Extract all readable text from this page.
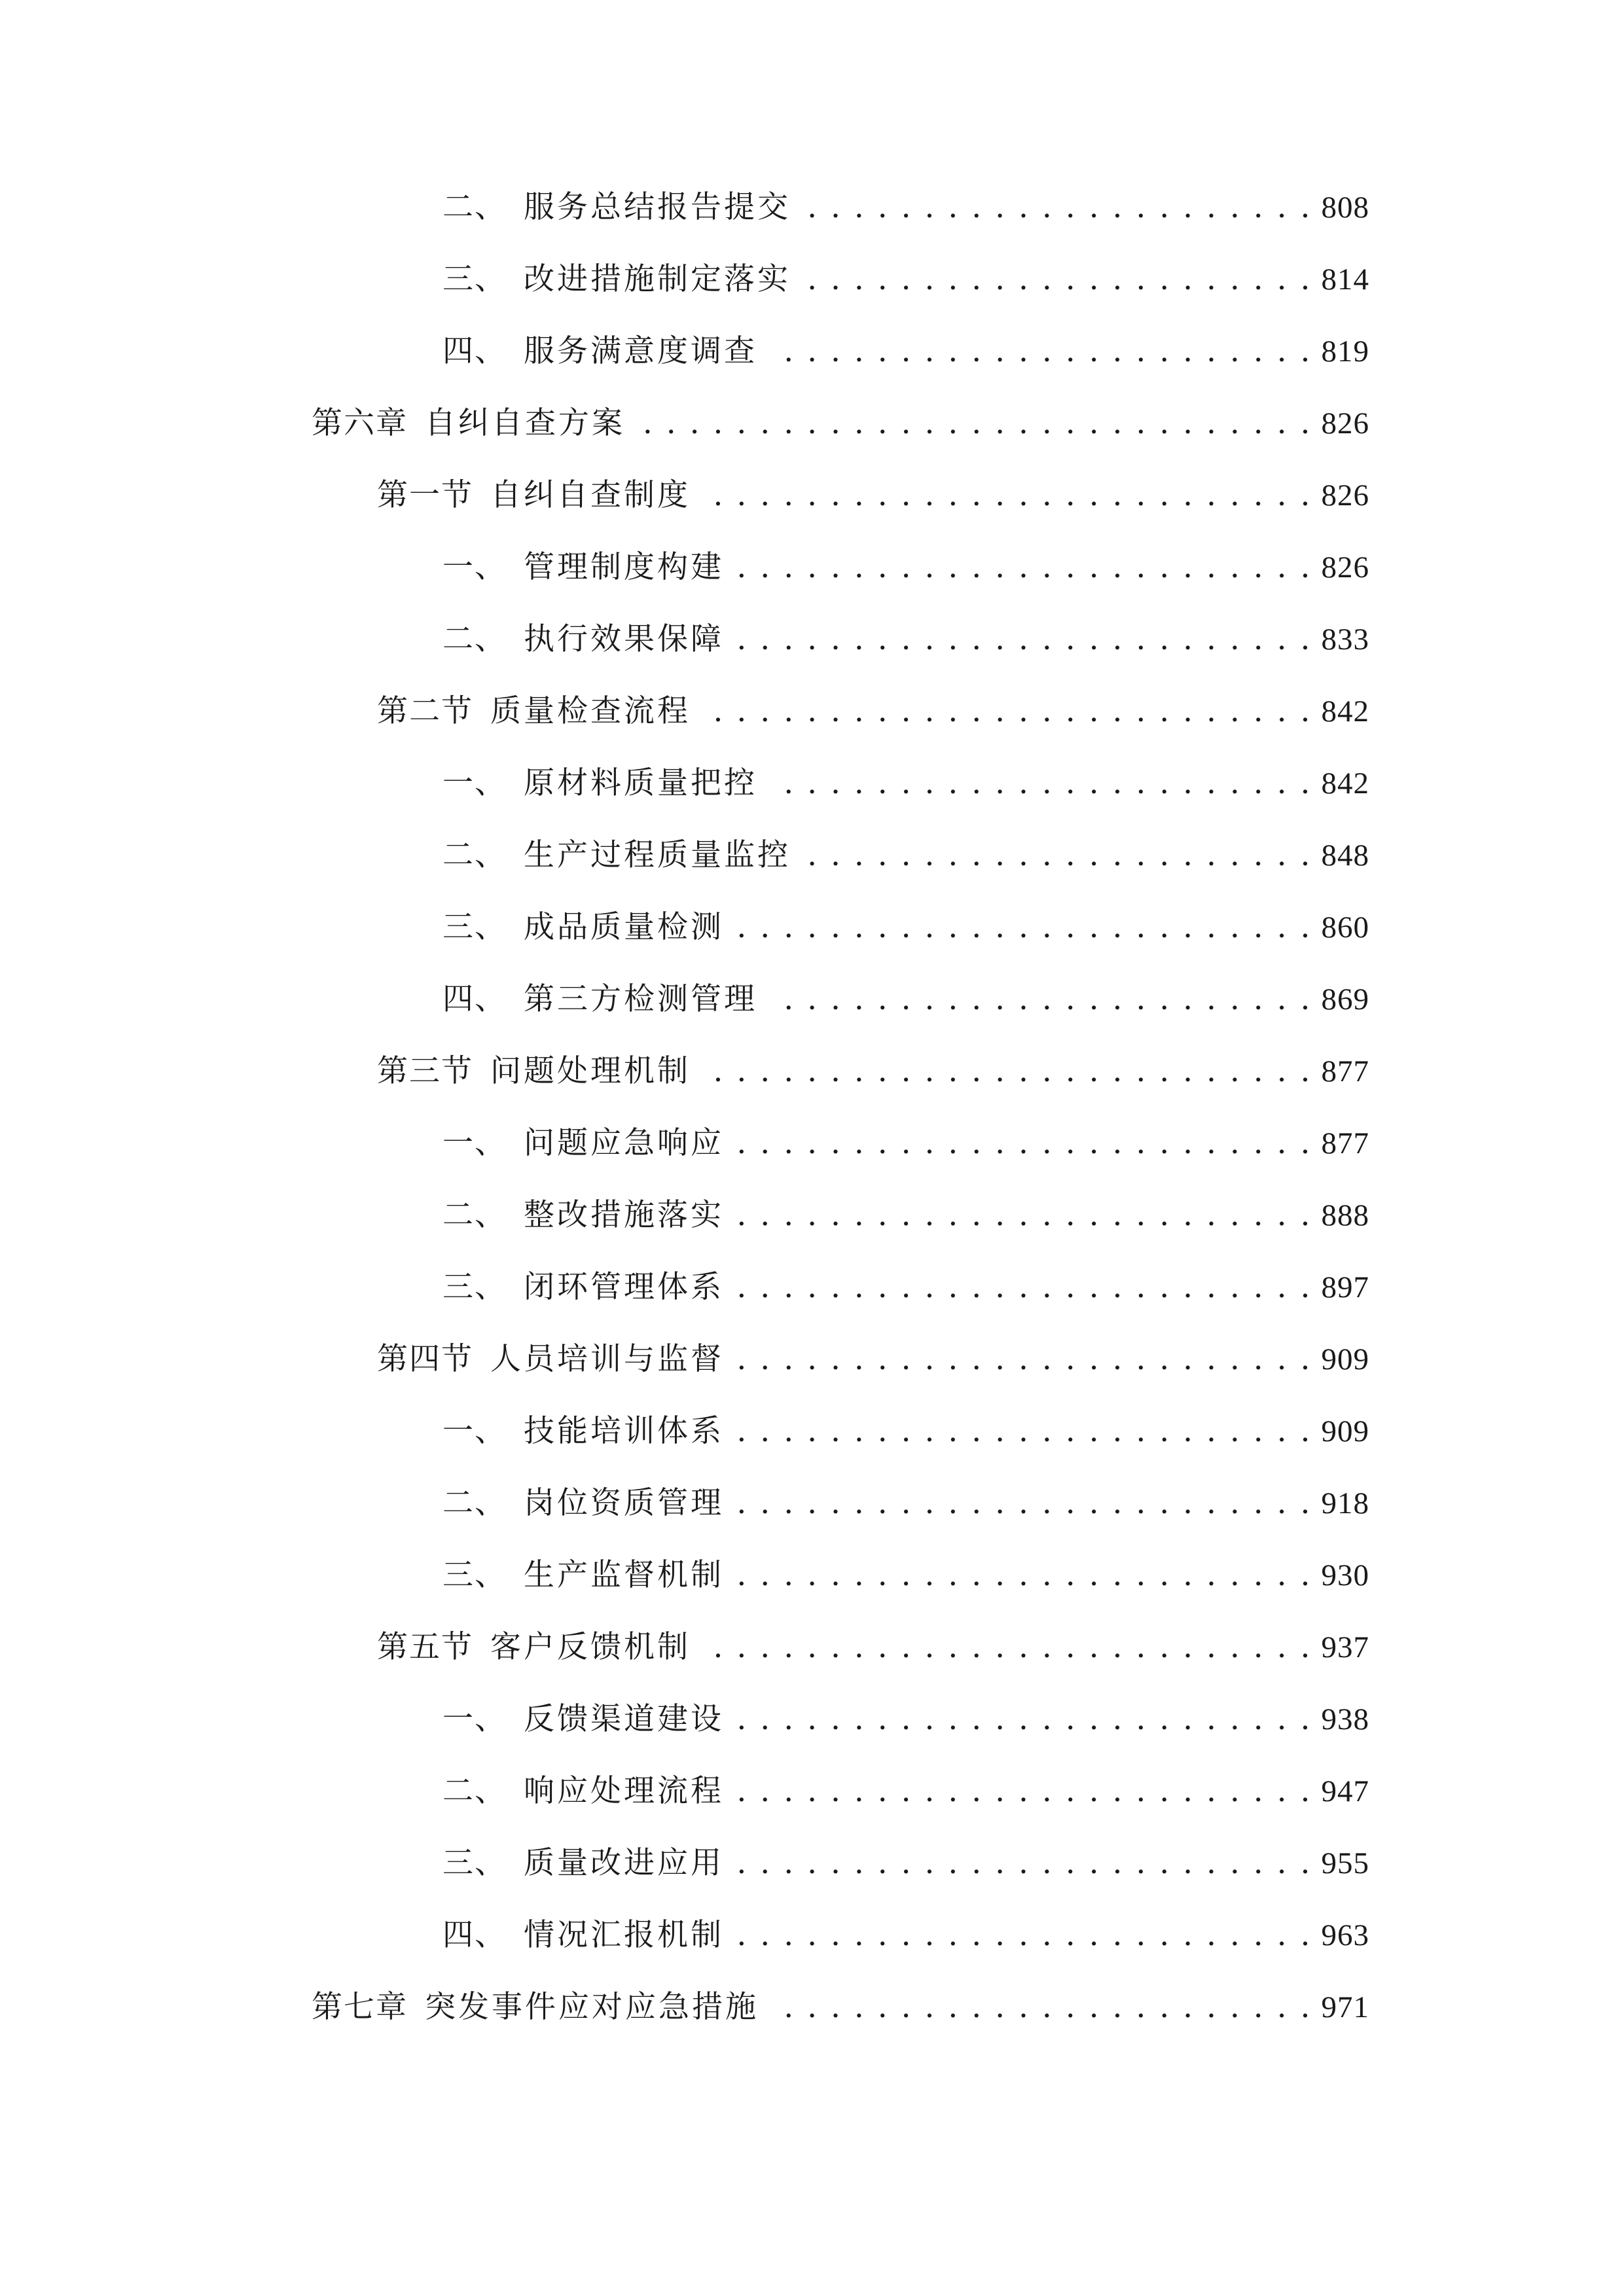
二、 服务总结报告提交 . . .	808
三、 改进措施制定落实 . . .	814
四、 服务满意度调查 . . .	819
第六章 自纠自查方案 . . .	826
第一节 自纠自查制度 . . .	826
一、 管理制度构建 . . .	826
二、 执行效果保障 . . .	833
第二节 质量检查流程 . . .	842
一、 原材料质量把控 . . .	842
二、 生产过程质量监控 . . .	848
三、 成品质量检测 . . .	860
四、 第三方检测管理 . . .	869
第三节 问题处理机制 . . .	877
一、 问题应急响应 . . .	877
二、 整改措施落实 . . .	888
三、 闭环管理体系 . . .	897
第四节 人员培训与监督 . . .	909
一、 技能培训体系 . . .	909
二、 岗位资质管理 . . .	918
三、 生产监督机制 . . .	930
第五节 客户反馈机制 . . .	937
一、 反馈渠道建设 . . .	938
二、 响应处理流程 . . .	947
三、 质量改进应用 . . .	955
四、 情况汇报机制 . . .	963
第七章 突发事件应对应急措施 . . .	971
